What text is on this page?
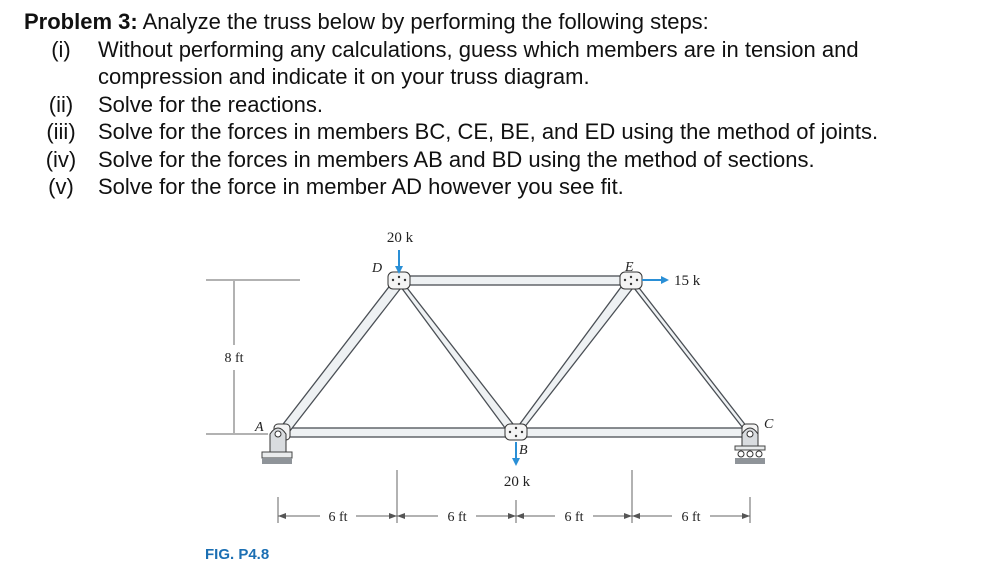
Problem 3: Analyze the truss below by performing the following steps:
(i)	Without performing any calculations, guess which members are in tension and
compression and indicate it on your truss diagram.
(ii)	Solve for the reactions.
(iii)	Solve for the forces in members BC, CE, BE, and ED using the method of joints.
(iv) Solve for the forces in members AB and BD using the method of sections.
(v)	Solve for the force in member AD however you see fit.
8 ft
A
B
C
D	E
20 k
20 k
15 k
6 ft	6 ft	6 ft	6 ft
FIG. P4.8
